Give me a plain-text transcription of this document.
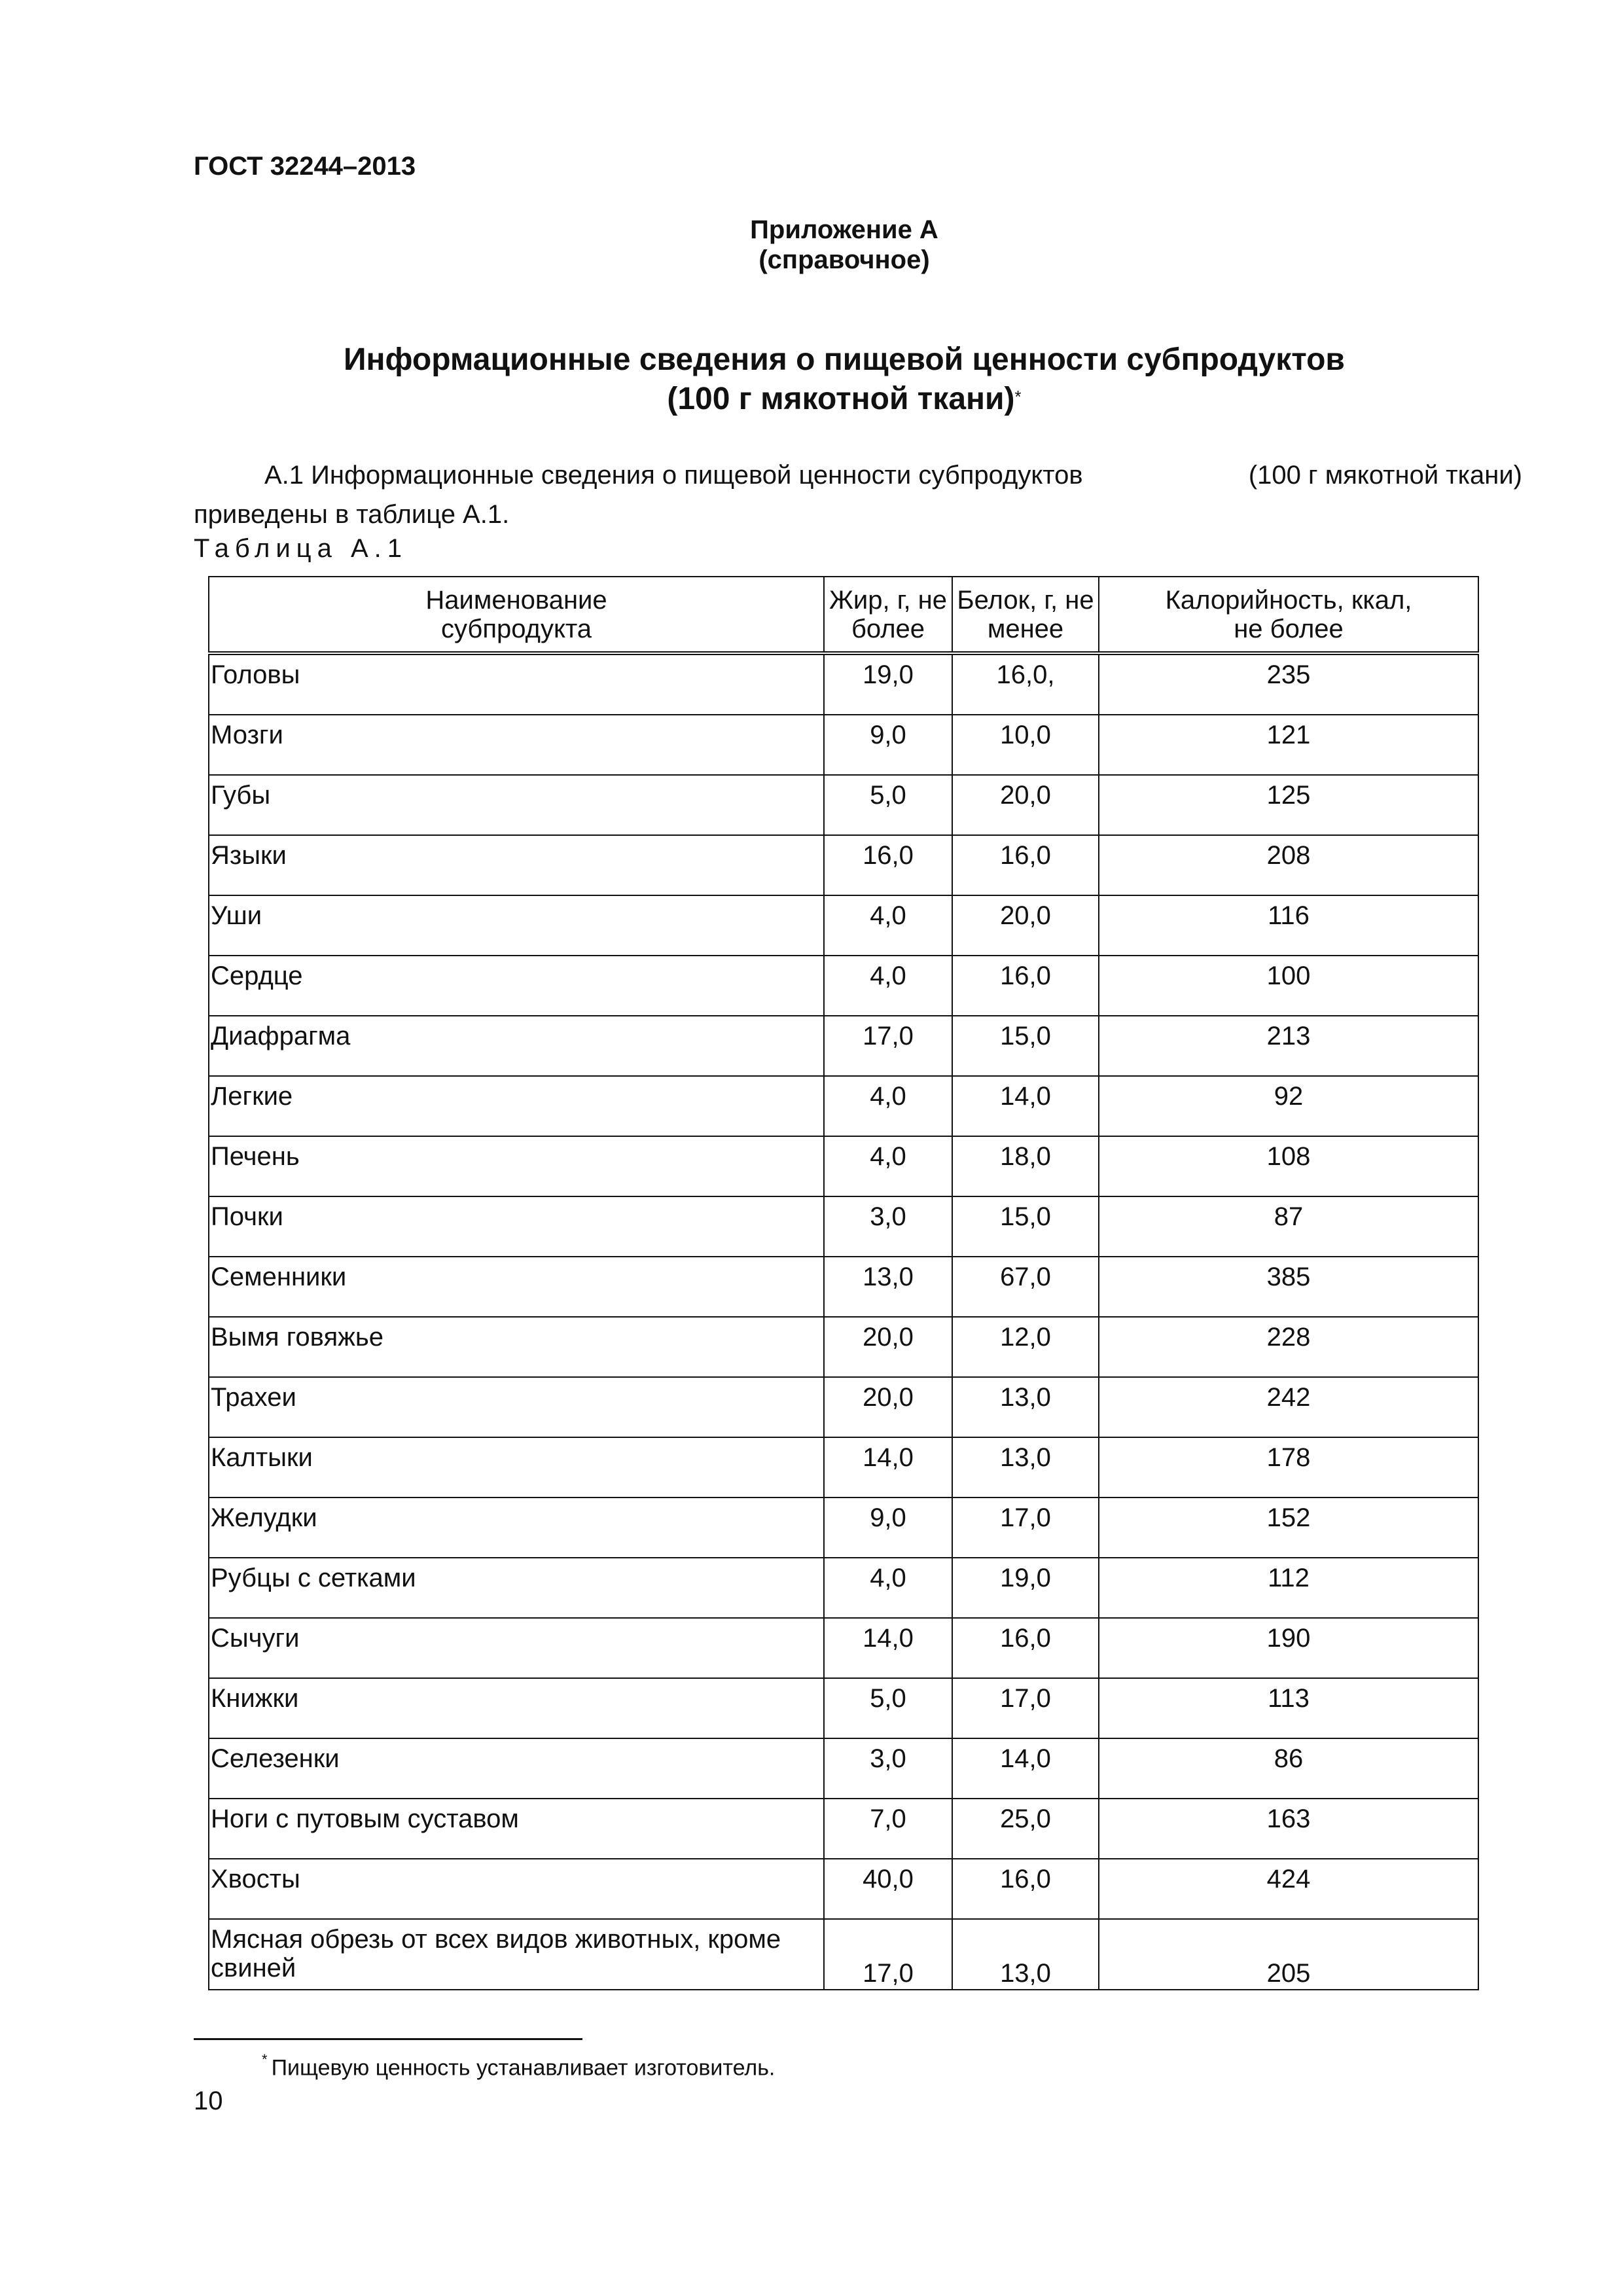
ГОСТ 32244–2013
Приложение А
(справочное)
Информационные сведения о пищевой ценности субпродуктов
(100 г мякотной ткани)*
А.1 Информационные сведения о пищевой ценности субпродуктов	(100 г мякотной ткани)
приведены в таблице А.1.
Таблица А.1
Наименование субпродукта	Жир, г, не более	Белок, г, не менее	Калорийность, ккал, не более
Головы	19,0	16,0,	235
Мозги	9,0	10,0	121
Губы	5,0	20,0	125
Языки	16,0	16,0	208
Уши	4,0	20,0	116
Сердце	4,0	16,0	100
Диафрагма	17,0	15,0	213
Легкие	4,0	14,0	92
Печень	4,0	18,0	108
Почки	3,0	15,0	87
Семенники	13,0	67,0	385
Вымя говяжье	20,0	12,0	228
Трахеи	20,0	13,0	242
Калтыки	14,0	13,0	178
Желудки	9,0	17,0	152
Рубцы с сетками	4,0	19,0	112
Сычуги	14,0	16,0	190
Книжки	5,0	17,0	113
Селезенки	3,0	14,0	86
Ноги с путовым суставом	7,0	25,0	163
Хвосты	40,0	16,0	424
Мясная обрезь от всех видов животных, кроме свиней	17,0	13,0	205
* Пищевую ценность устанавливает изготовитель.
10
